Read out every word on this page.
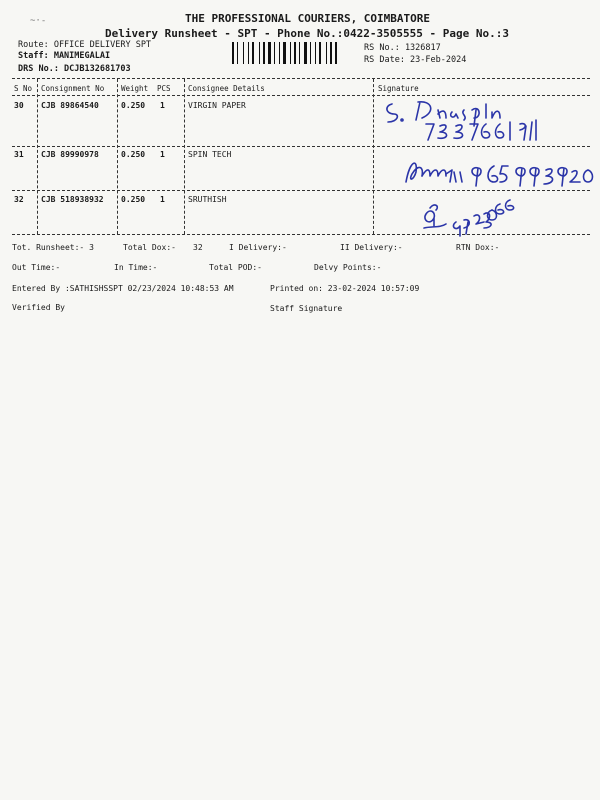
~·-	THE PROFESSIONAL COURIERS, COIMBATORE
Delivery Runsheet - SPT - Phone No.:0422-3505555 - Page No.:3
Route: OFFICE DELIVERY SPT
Staff: MANIMEGALAI
DRS No.: DCJB132681703
RS No.: 1326817
RS Date: 23-Feb-2024
S No Consignment No Weight PCS Consignee Details	Signature
30 CJB 89864540	0.250 1	VIRGIN PAPER
31 CJB 89990978	0.250 1	SPIN TECH
32 CJB 518938932 0.250 1	SRUTHISH
Tot. Runsheet:- 3	Total Dox:- 32	I Delivery:-	II Delivery:-	RTN Dox:-
Out Time:-	In Time:-	Total POD:-	Delvy Points:-
Entered By :SATHISHSSPT 02/23/2024 10:48:53 AM	Printed on: 23-02-2024 10:57:09
Verified By	Staff Signature
